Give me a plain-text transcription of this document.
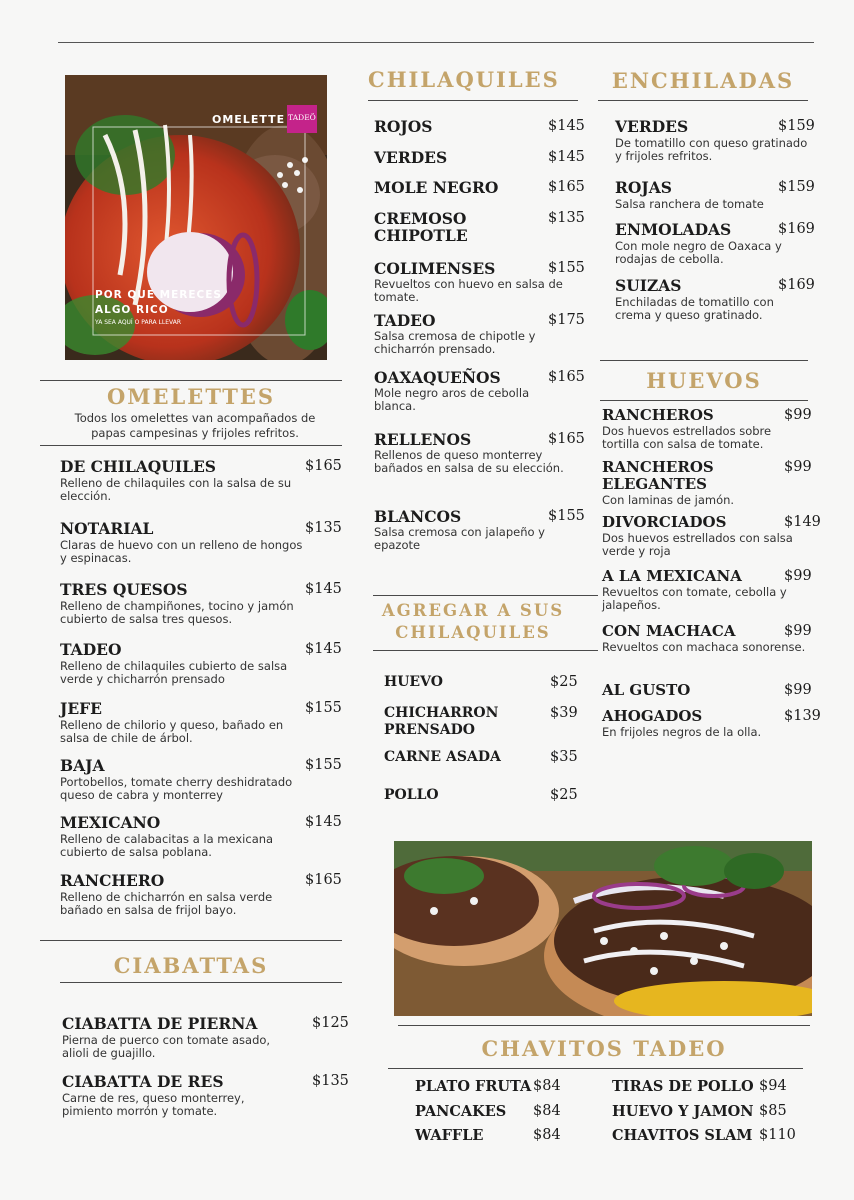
OMELETTE TADEÖ
POR QUE MERECES
ALGO RICO
YA SEA AQUÍ O PARA LLEVAR
OMELETTES
Todos los omelettes van acompañados de papas campesinas y frijoles refritos.
DE CHILAQUILES	$165
Relleno de chilaquiles con la salsa de su elección.
NOTARIAL	$135
Claras de huevo con un relleno de hongos y espinacas.
TRES QUESOS	$145
Relleno de champiñones, tocino y jamón cubierto de salsa tres quesos.
TADEO	$145
Relleno de chilaquiles cubierto de salsa verde y chicharrón prensado
JEFE	$155
Relleno de chilorio y queso, bañado en salsa de chile de árbol.
BAJA	$155
Portobellos, tomate cherry deshidratado queso de cabra y monterrey
MEXICANO	$145
Relleno de calabacitas a la mexicana cubierto de salsa poblana.
RANCHERO	$165
Relleno de chicharrón en salsa verde bañado en salsa de frijol bayo.
CIABATTAS
CIABATTA DE PIERNA	$125
Pierna de puerco con tomate asado, alioli de guajillo.
CIABATTA DE RES	$135
Carne de res, queso monterrey, pimiento morrón y tomate.
CHILAQUILES
ROJOS	$145
VERDES	$145
MOLE NEGRO	$165
CREMOSO
CHIPOTLE
$135
COLIMENSES	$155
Revueltos con huevo en salsa de tomate.
TADEO	$175
Salsa cremosa de chipotle y chicharrón prensado.
OAXAQUEÑOS	$165
Mole negro aros de cebolla blanca.
RELLENOS	$165
Rellenos de queso monterrey bañados en salsa de su elección.
BLANCOS	$155
Salsa cremosa con jalapeño y epazote
AGREGAR A SUS
CHILAQUILES
HUEVO	$25
CHICHARRON
PRENSADO
$39
CARNE ASADA	$35
POLLO	$25
ENCHILADAS
VERDES	$159
De tomatillo con queso gratinado y frijoles refritos.
ROJAS	$159
Salsa ranchera de tomate
ENMOLADAS	$169
Con mole negro de Oaxaca y rodajas de cebolla.
SUIZAS	$169
Enchiladas de tomatillo con crema y queso gratinado.
HUEVOS
RANCHEROS	$99
Dos huevos estrellados sobre tortilla con salsa de tomate.
RANCHEROS
ELEGANTES
$99
Con laminas de jamón.
DIVORCIADOS	$149
Dos huevos estrellados con salsa verde y roja
A LA MEXICANA	$99
Revueltos con tomate, cebolla y jalapeños.
CON MACHACA	$99
Revueltos con machaca sonorense.
AL GUSTO	$99
AHOGADOS	$139
En frijoles negros de la olla.
CHAVITOS TADEO
PLATO FRUTA $84
PANCAKES $84
WAFFLE	$84
TIRAS DE POLLO $94
HUEVO Y JAMON $85
CHAVITOS SLAM $110
